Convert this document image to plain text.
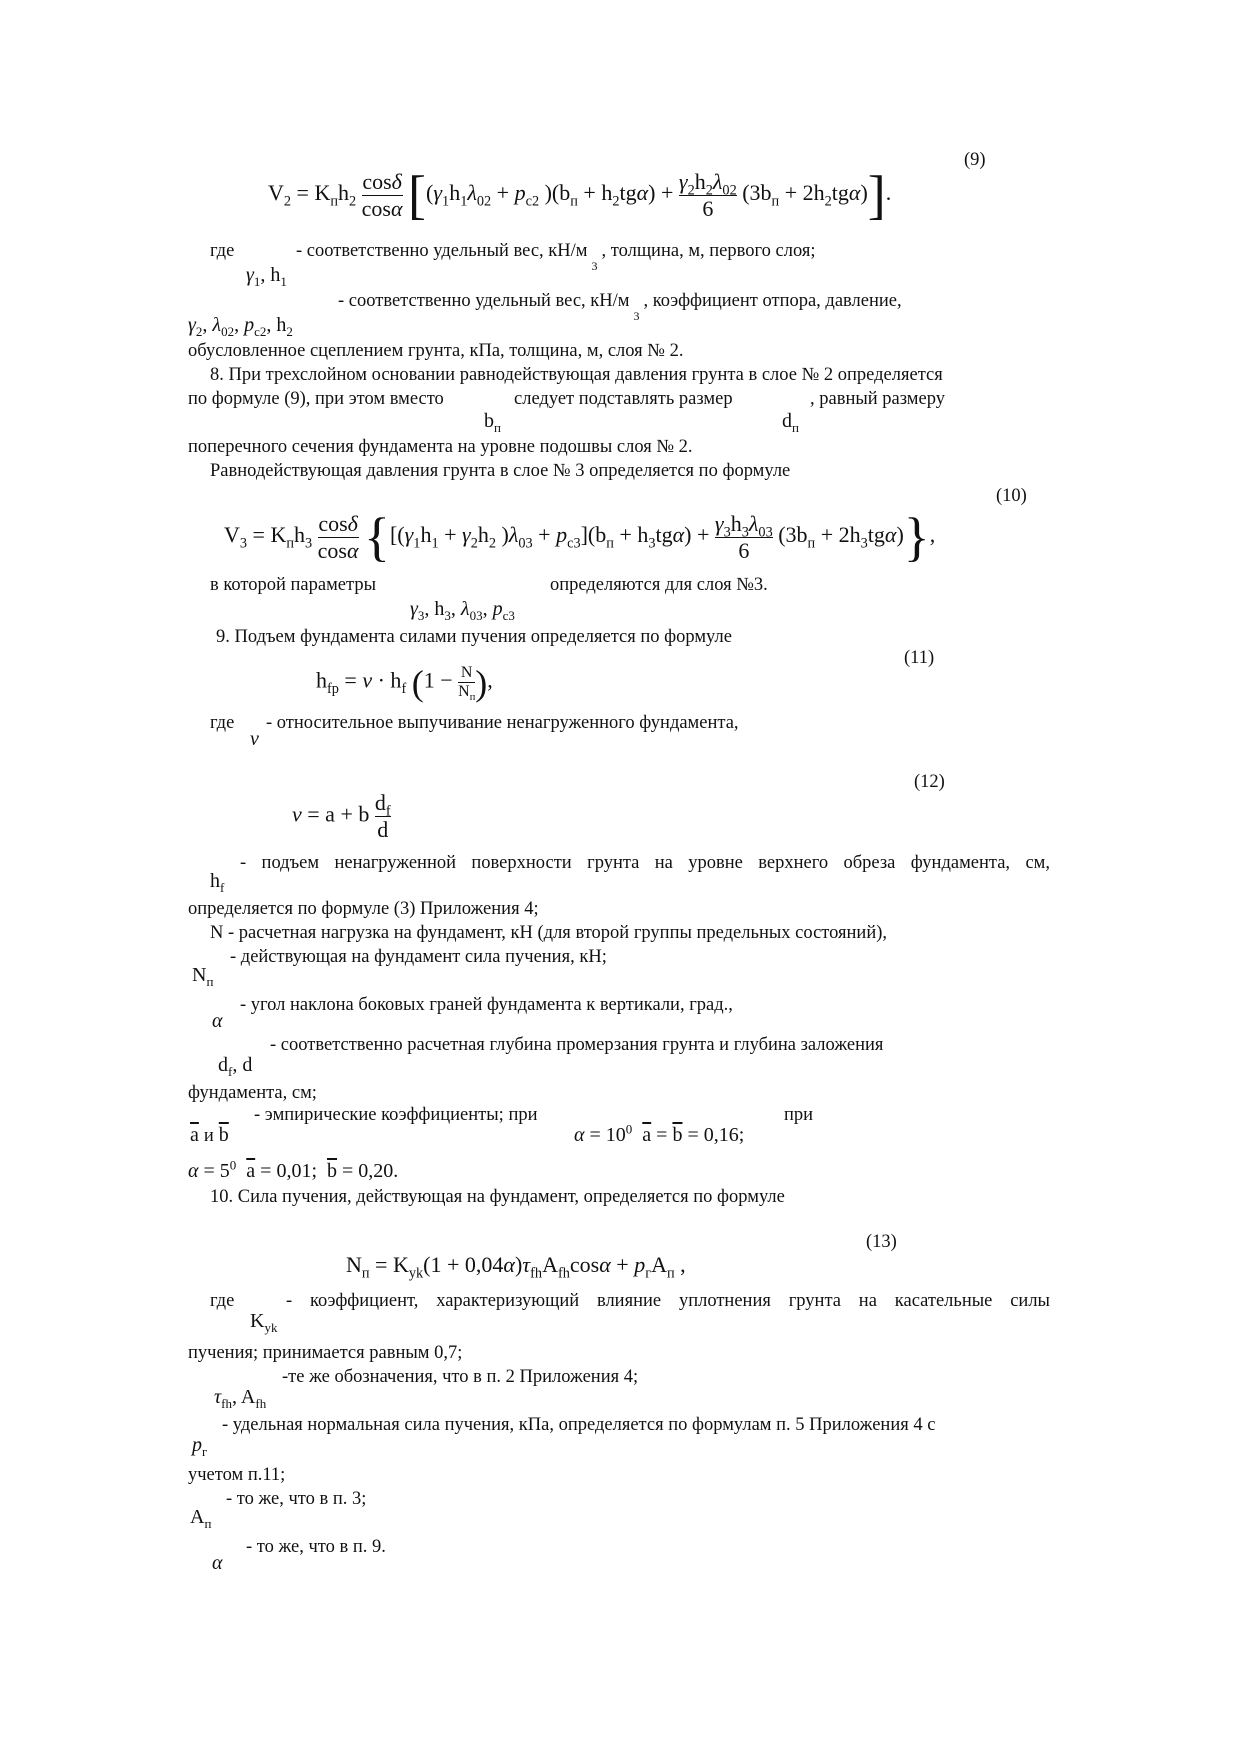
(9)
$V_2 = K_пh_2 \frac{\cos\delta}{\cos\alpha} [(\gamma_1h_1\lambda_{02} + p_{c2}$ )$(b_п + h_2tg\alpha) + \frac{\gamma_2h_2\lambda_{02}}{6} (3b_п + 2h_2tg\alpha)$].
где	- соответственно удельный вес, $кН/м_3$, толщина, м, первого слоя;
$\gamma_1$, $h_1$
- соответственно удельный вес, $кН/м_3$, коэффициент отпора, давление,
$\gamma_2$, $\lambda_{02}$, $p_{c2}$, $h_2$
обусловленное сцеплением грунта, кПа, толщина, м, слоя № 2.
8. При трехслойном основании равнодействующая давления грунта в слое № 2 определяется
по формуле (9), при этом вместо	следует подставлять размер	, равный размеру
$b_п$	$d_п$
поперечного сечения фундамента на уровне подошвы слоя № 2.
Равнодействующая давления грунта в слое № 3 определяется по формуле
(10)
$V_3 = K_пh_3 \frac{\cos\delta}{\cos\alpha} \{[(\gamma_1h_1 + \gamma_2h_2$ )$\lambda_{03} + p_{c3}](b_п + h_3tg\alpha) + \frac{\gamma_3h_3\lambda_{03}}{6} (3b_п + 2h_3tg\alpha)$},
в которой параметры	определяются для слоя №3.
$\gamma_3$, $h_3$, $\lambda_{03}$, $p_{c3}$
9. Подъем фундамента силами пучения определяется по формуле
(11)
$h_{fp} = \nu \cdot h_f$ (1 − N
$N_п$ ),
где - относительное выпучивание ненагруженного фундамента,
ν
(12)
ν = a + b $\frac{d_f}{d}$
- подъем ненагруженной поверхности грунта на уровне верхнего обреза фундамента, см,
$h_f$
определяется по формуле (3) Приложения 4;
N - расчетная нагрузка на фундамент, кН (для второй группы предельных состояний),
- действующая на фундамент сила пучения, кН;
$N_п$
- угол наклона боковых граней фундамента к вертикали, град.,
α
- соответственно расчетная глубина промерзания грунта и глубина заложения
$d_f$, d
фундамента, см;
- эмпирические коэффициенты; при	при
$\overline{a}$ и $\overline{b}$	$\alpha = 10^0$ $\overline{a} = \overline{b} = 0,16$;
$\alpha = 5^0$ $\overline{a} = 0,01$; $\overline{b} = 0,20$.
10. Сила пучения, действующая на фундамент, определяется по формуле
(13)
$N_п = K_{yk}(1 + 0,04\alpha)\tau_{fh}A_{fh}\cos\alpha + p_гA_п$ ,
где	- коэффициент, характеризующий влияние уплотнения грунта на касательные силы
$K_{yk}$
пучения; принимается равным 0,7;
-те же обозначения, что в п. 2 Приложения 4;
$\tau_{fh}$, $A_{fh}$
- удельная нормальная сила пучения, кПа, определяется по формулам п. 5 Приложения 4 с
$p_г$
учетом п.11;
- то же, что в п. 3;
$A_п$
- то же, что в п. 9.
α
